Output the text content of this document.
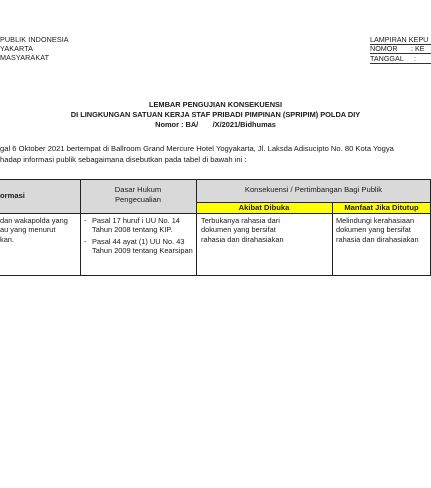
PUBLIK INDONESIA
YAKARTA
MASYARAKAT
LAMPIRAN KEPU
NOMOR : KE
TANGGAL :
LEMBAR PENGUJIAN KONSEKUENSI
DI LINGKUNGAN SATUAN KERJA STAF PRIBADI PIMPINAN (SPRIPIM) POLDA DIY
Nomor : BA/       /X/2021/Bidhumas
gal 6 Oktober 2021 bertempat di Ballroom Grand Mercure Hotel Yogyakarta, Jl. Laksda Adisucipto No. 80 Kota Yogya
hadap informasi publik sebagaimana disebutkan pada tabel di bawah ini :
ormasi
Dasar Hukum
Pengecualian
Konsekuensi / Pertimbangan Bagi Publik
Akibat Dibuka	Manfaat Jika Ditutup
dan wakapolda yang
au yang menurut
kan.
- Pasal 17 huruf i UU No. 14
Tahun 2008 tentang KIP.
- Pasal 44 ayat (1) UU No. 43
Tahun 2009 tentang Kearsipan
Terbukanya rahasia dari
dokumen yang bersifat
rahasia dan dirahasiakan
Melindungi kerahasiaan
dokumen yang bersifat
rahasia dan dirahasiakan
